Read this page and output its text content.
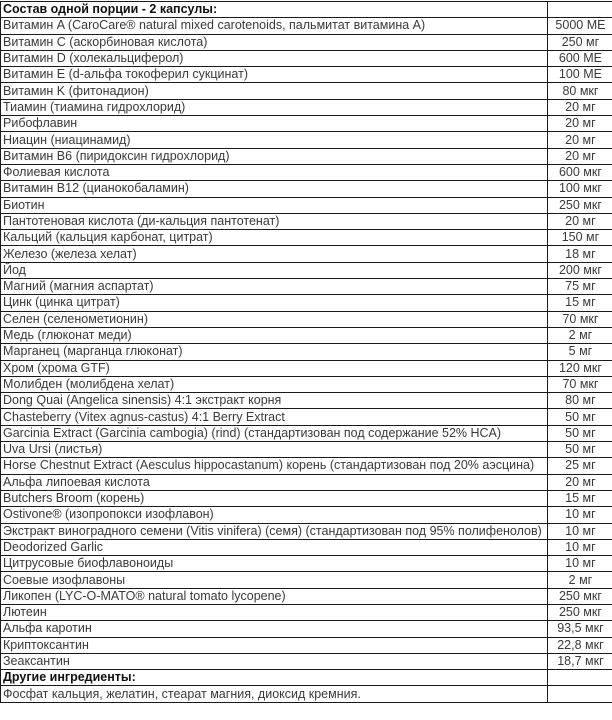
Состав одной порции - 2 капсулы:	
Витамин A (CaroCare® natural mixed carotenoids, пальмитат витамина А)	5000 МЕ
Витамин C (аскорбиновая кислота)	250 мг
Витамин D (холекальциферол)	600 МЕ
Витамин E (d-альфа токоферил сукцинат)	100 МЕ
Витамин K (фитонадион)	80 мкг
Тиамин (тиамина гидрохлорид)	20 мг
Рибофлавин	20 мг
Ниацин (ниацинамид)	20 мг
Витамин B6 (пиридоксин гидрохлорид)	20 мг
Фолиевая кислота	600 мкг
Витамин B12 (цианокобаламин)	100 мкг
Биотин	250 мкг
Пантотеновая кислота (ди-кальция пантотенат)	20 мг
Кальций (кальция карбонат, цитрат)	150 мг
Железо (железа хелат)	18 мг
Йод	200 мкг
Магний (магния аспартат)	75 мг
Цинк (цинка цитрат)	15 мг
Селен (селенометионин)	70 мкг
Медь (глюконат меди)	2 мг
Марганец (марганца глюконат)	5 мг
Хром (хрома GTF)	120 мкг
Молибден (молибдена хелат)	70 мкг
Dong Quai (Angelica sinensis) 4:1 экстракт корня	80 мг
Chasteberry (Vitex agnus-castus) 4:1 Berry Extract	50 мг
Garcinia Extract (Garcinia cambogia) (rind) (стандартизован под содержание 52% HCA)	50 мг
Uva Ursi (листья)	50 мг
Horse Chestnut Extract (Aesculus hippocastanum) корень (стандартизован под 20% аэсцина)	25 мг
Альфа липоевая кислота	20 мг
Butchers Broom (корень)	15 мг
Ostivone® (изопропокси изофлавон)	10 мг
Экстракт виноградного семени (Vitis vinifera) (семя) (стандартизован под 95% полифенолов)	10 мг
Deodorized Garlic	10 мг
Цитрусовые биофлавоноиды	10 мг
Соевые изофлавоны	2 мг
Ликопен (LYC-O-MATO® natural tomato lycopene)	250 мкг
Лютеин	250 мкг
Альфа каротин	93,5 мкг
Криптоксантин	22,8 мкг
Зеаксантин	18,7 мкг
Другие ингредиенты:	
Фосфат кальция, желатин, стеарат магния, диоксид кремния.	
